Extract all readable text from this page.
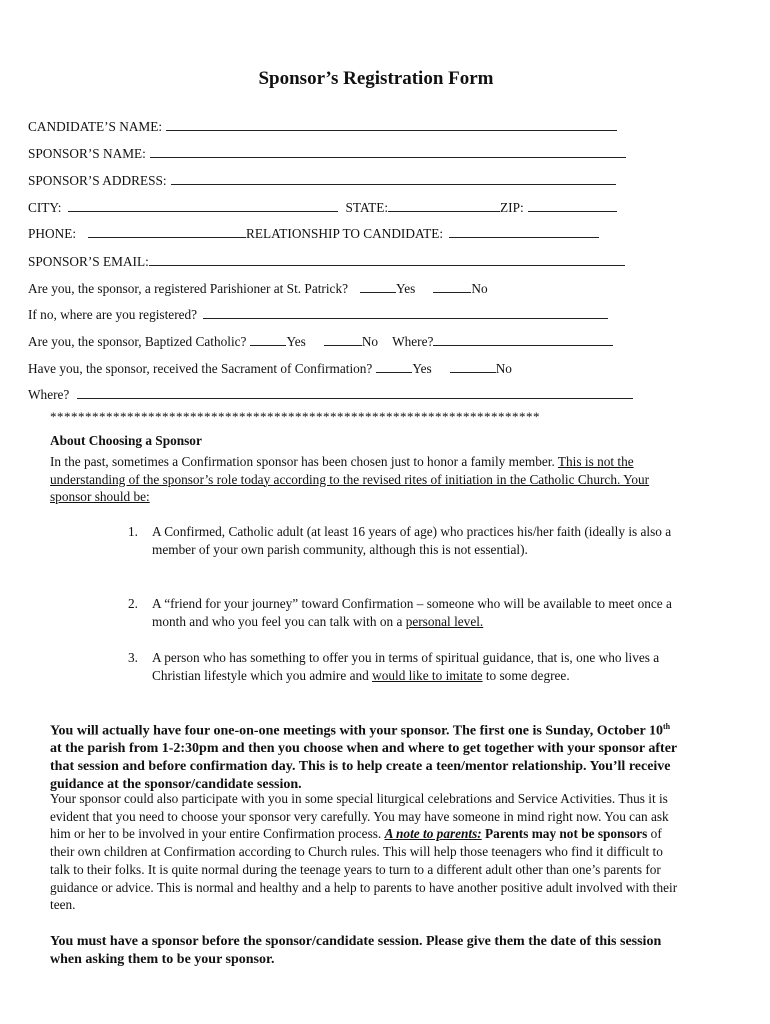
Sponsor’s Registration Form
CANDIDATE’S NAME:
SPONSOR’S NAME:
SPONSOR’S ADDRESS:
CITY:	STATE:	ZIP:
PHONE:	RELATIONSHIP TO CANDIDATE:
SPONSOR’S EMAIL:
Are you, the sponsor, a registered Parishioner at St. Patrick?	Yes	No
If no, where are you registered?
Are you, the sponsor, Baptized Catholic?	Yes	No Where?
Have you, the sponsor, received the Sacrament of Confirmation?	Yes	No
Where?
**********************************************************************
About Choosing a Sponsor
In the past, sometimes a Confirmation sponsor has been chosen just to honor a family member. This is not the understanding of the sponsor’s role today according to the revised rites of initiation in the Catholic Church. Your sponsor should be:
1.	A Confirmed, Catholic adult (at least 16 years of age) who practices his/her faith (ideally is also a member of your own parish community, although this is not essential).
2.	A “friend for your journey” toward Confirmation – someone who will be available to meet once a month and who you feel you can talk with on a personal level.
3.	A person who has something to offer you in terms of spiritual guidance, that is, one who lives a Christian lifestyle which you admire and would like to imitate to some degree.
You will actually have four one-on-one meetings with your sponsor. The first one is Sunday, October 10th at the parish from 1-2:30pm and then you choose when and where to get together with your sponsor after that session and before confirmation day. This is to help create a teen/mentor relationship. You’ll receive guidance at the sponsor/candidate session.
Your sponsor could also participate with you in some special liturgical celebrations and Service Activities. Thus it is evident that you need to choose your sponsor very carefully. You may have someone in mind right now. You can ask him or her to be involved in your entire Confirmation process. A note to parents: Parents may not be sponsors of their own children at Confirmation according to Church rules. This will help those teenagers who find it difficult to talk to their folks. It is quite normal during the teenage years to turn to a different adult other than one’s parents for guidance or advice. This is normal and healthy and a help to parents to have another positive adult involved with their teen.
You must have a sponsor before the sponsor/candidate session. Please give them the date of this session when asking them to be your sponsor.
